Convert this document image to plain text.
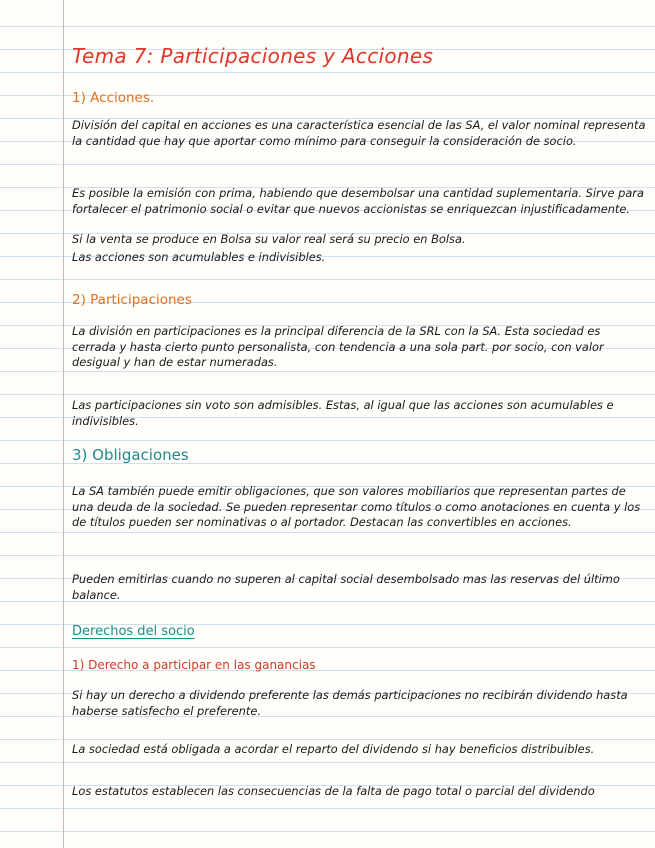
Tema 7: Participaciones y Acciones
1) Acciones.

División del capital en acciones es una característica esencial de las SA, el valor nominal representa la cantidad que hay que aportar como mínimo para conseguir la consideración de socio.

Es posible la emisión con prima, habiendo que desembolsar una cantidad suplementaria. Sirve para fortalecer el patrimonio social o evitar que nuevos accionistas se enriquezcan injustificadamente.

Si la venta se produce en Bolsa su valor real será su precio en Bolsa.

Las acciones son acumulables e indivisibles.

2) Participaciones

La división en participaciones es la principal diferencia de la SRL con la SA. Esta sociedad es cerrada y hasta cierto punto personalista, con tendencia a una sola part. por socio, con valor desigual y han de estar numeradas.

Las participaciones sin voto son admisibles. Estas, al igual que las acciones son acumulables e indivisibles.

3) Obligaciones

La SA también puede emitir obligaciones, que son valores mobiliarios que representan partes de una deuda de la sociedad. Se pueden representar como títulos o como anotaciones en cuenta y los de títulos pueden ser nominativas o al portador. Destacan las convertibles en acciones.

Pueden emitirlas cuando no superen al capital social desembolsado mas las reservas del último balance.

Derechos del socio
1) Derecho a participar en las ganancias

Si hay un derecho a dividendo preferente las demás participaciones no recibirán dividendo hasta haberse satisfecho el preferente.

La sociedad está obligada a acordar el reparto del dividendo si hay beneficios distribuibles.

Los estatutos establecen las consecuencias de la falta de pago total o parcial del dividendo
